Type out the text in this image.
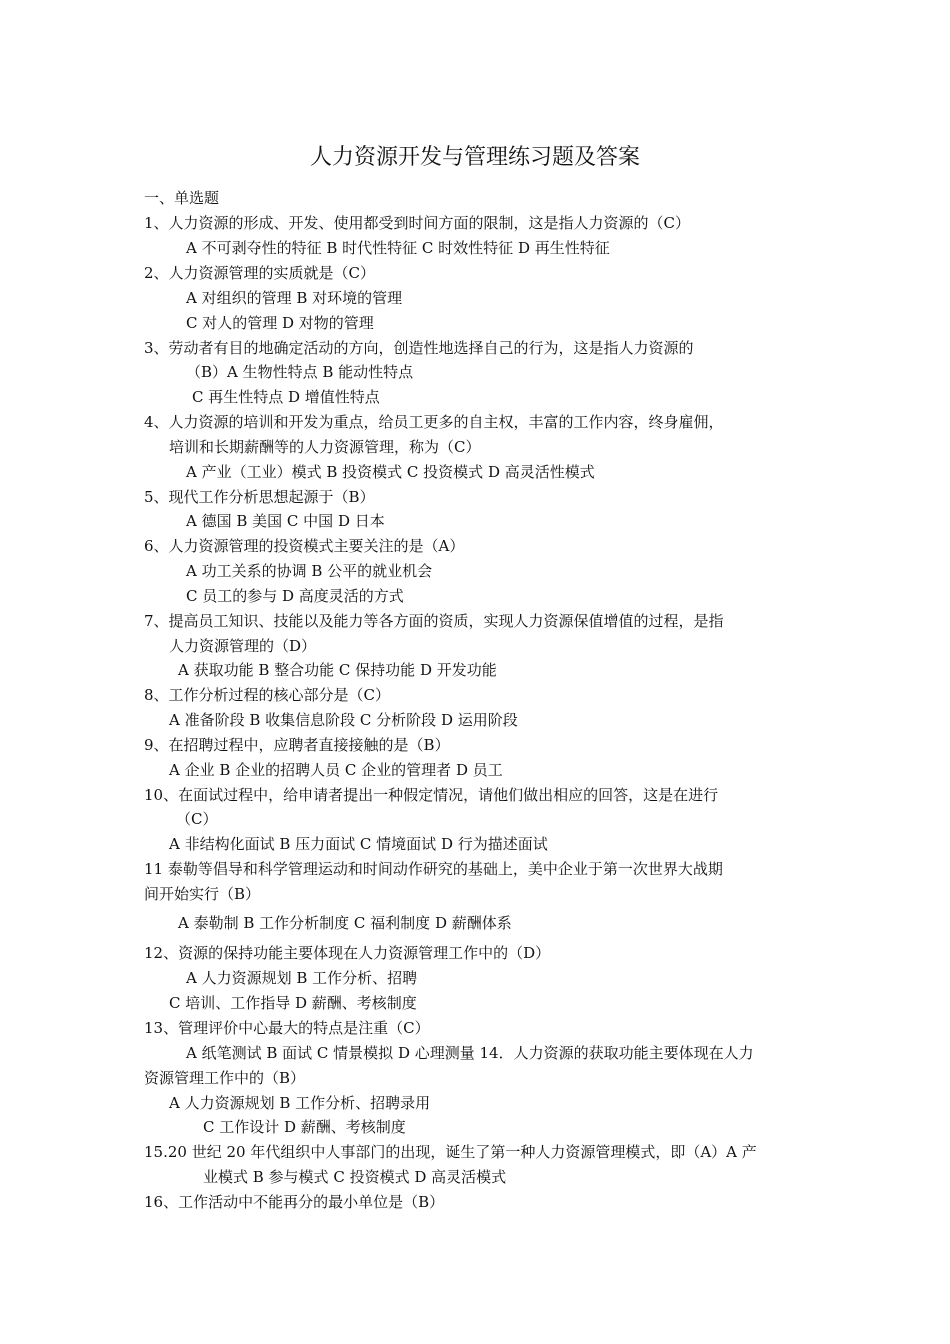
人力资源开发与管理练习题及答案
一、单选题
1、人力资源的形成、开发、使用都受到时间方面的限制，这是指人力资源的（C）
A 不可剥夺性的特征 B 时代性特征 C 时效性特征 D 再生性特征
2、人力资源管理的实质就是（C）
A 对组织的管理 B 对环境的管理
C 对人的管理 D 对物的管理
3、劳动者有目的地确定活动的方向，创造性地选择自己的行为，这是指人力资源的
（B）A 生物性特点 B 能动性特点
C 再生性特点 D 增值性特点
4、人力资源的培训和开发为重点，给员工更多的自主权，丰富的工作内容，终身雇佣，
培训和长期薪酬等的人力资源管理，称为（C）
A 产业（工业）模式 B 投资模式 C 投资模式 D 高灵活性模式
5、现代工作分析思想起源于（B）
A 德国 B 美国 C 中国 D 日本
6、人力资源管理的投资模式主要关注的是（A）
A 功工关系的协调 B 公平的就业机会
C 员工的参与 D 高度灵活的方式
7、提高员工知识、技能以及能力等各方面的资质，实现人力资源保值增值的过程，是指
人力资源管理的（D）
A 获取功能 B 整合功能 C 保持功能 D 开发功能
8、工作分析过程的核心部分是（C）
A 准备阶段 B 收集信息阶段 C 分析阶段 D 运用阶段
9、在招聘过程中，应聘者直接接触的是（B）
A 企业 B 企业的招聘人员 C 企业的管理者 D 员工
10、在面试过程中，给申请者提出一种假定情况，请他们做出相应的回答，这是在进行
（C）
A 非结构化面试 B 压力面试 C 情境面试 D 行为描述面试
11 泰勒等倡导和科学管理运动和时间动作研究的基础上，美中企业于第一次世界大战期
间开始实行（B）
A 泰勒制 B 工作分析制度 C 福利制度 D 薪酬体系
12、资源的保持功能主要体现在人力资源管理工作中的（D）
A 人力资源规划 B 工作分析、招聘
C 培训、工作指导 D 薪酬、考核制度
13、管理评价中心最大的特点是注重（C）
A 纸笔测试 B 面试 C 情景模拟 D 心理测量 14．人力资源的获取功能主要体现在人力
资源管理工作中的（B）
A 人力资源规划 B 工作分析、招聘录用
C 工作设计 D 薪酬、考核制度
15.20 世纪 20 年代组织中人事部门的出现，诞生了第一种人力资源管理模式，即（A）A 产
业模式 B 参与模式 C 投资模式 D 高灵活模式
16、工作活动中不能再分的最小单位是（B）
